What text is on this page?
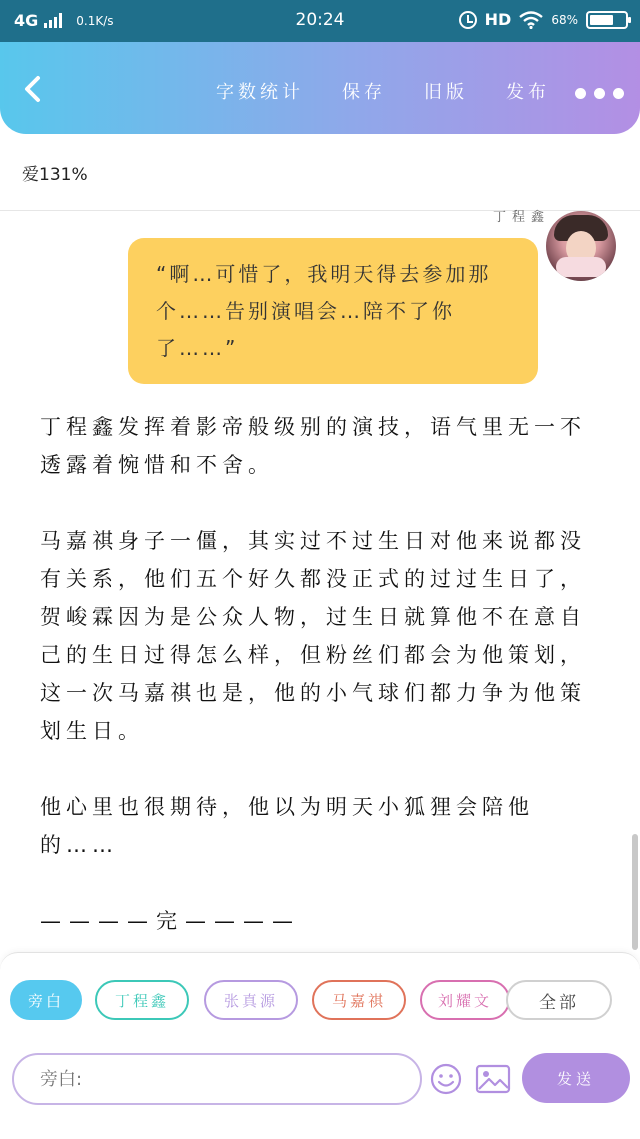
4G	0.1K/s	20:24	HD	68%
字数统计 保存 旧版 发布
爱131%
丁程鑫
“啊…可惜了，我明天得去参加那个……告别演唱会…陪不了你了……”

丁程鑫发挥着影帝般级别的演技，语气里无一不透露着惋惜和不舍。

马嘉祺身子一僵，其实过不过生日对他来说都没有关系，他们五个好久都没正式的过过生日了，贺峻霖因为是公众人物，过生日就算他不在意自己的生日过得怎么样，但粉丝们都会为他策划，这一次马嘉祺也是，他的小气球们都力争为他策划生日。

他心里也很期待，他以为明天小狐狸会陪他的……

————完————

旁白	丁程鑫	张真源	马嘉祺	刘耀文	全部
旁白:
发送
